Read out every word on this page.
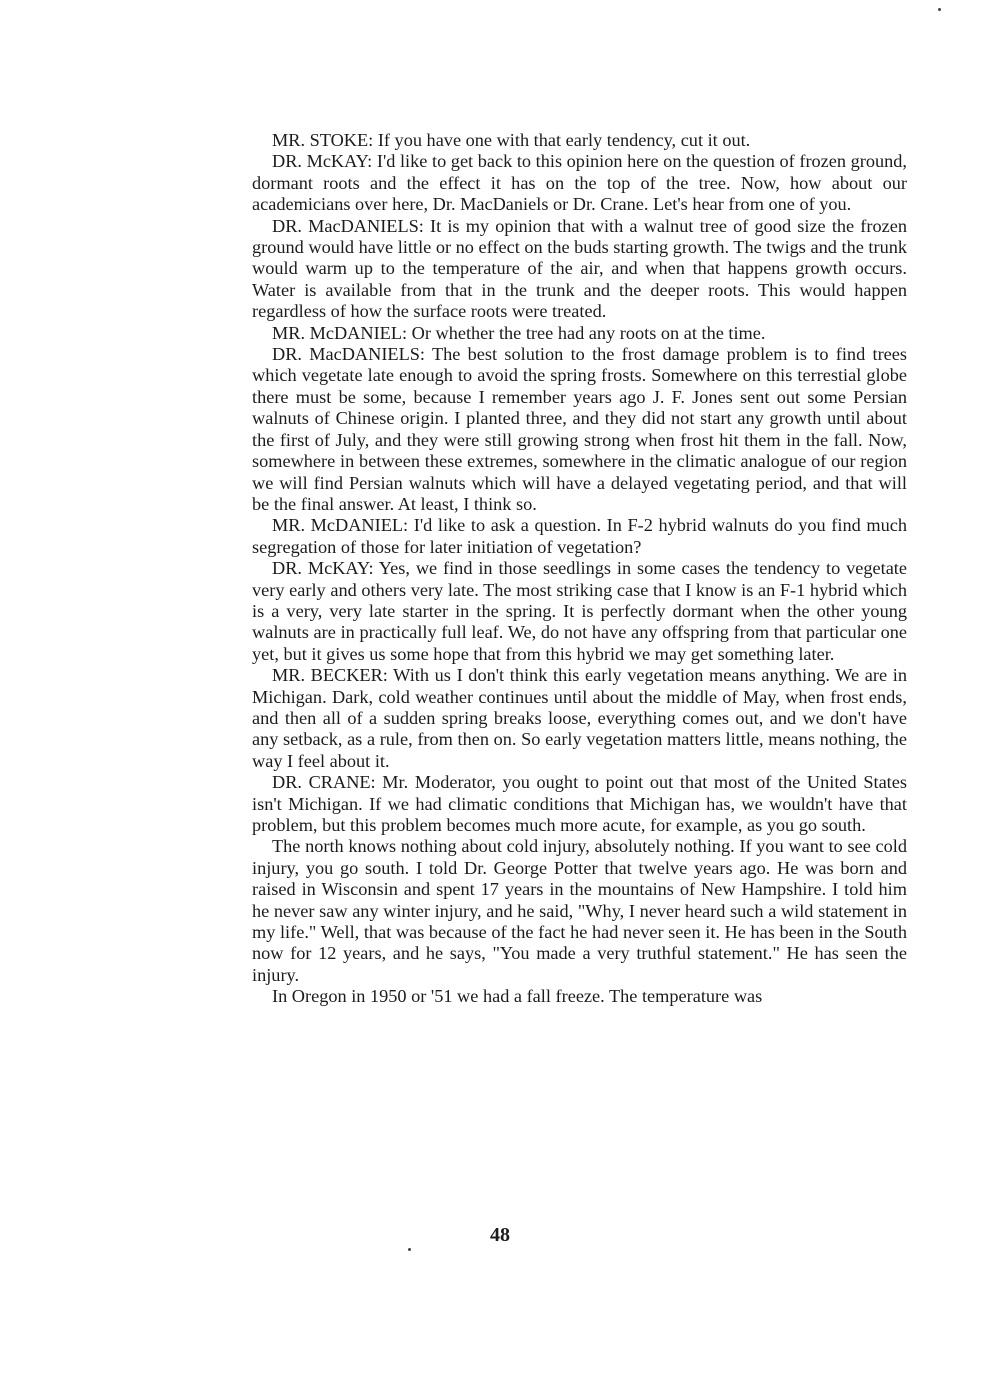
MR. STOKE: If you have one with that early tendency, cut it out.

DR. McKAY: I'd like to get back to this opinion here on the question of frozen ground, dormant roots and the effect it has on the top of the tree. Now, how about our academicians over here, Dr. MacDaniels or Dr. Crane. Let's hear from one of you.

DR. MacDANIELS: It is my opinion that with a walnut tree of good size the frozen ground would have little or no effect on the buds starting growth. The twigs and the trunk would warm up to the temperature of the air, and when that happens growth occurs. Water is available from that in the trunk and the deeper roots. This would happen regardless of how the surface roots were treated.

MR. McDANIEL: Or whether the tree had any roots on at the time.

DR. MacDANIELS: The best solution to the frost damage problem is to find trees which vegetate late enough to avoid the spring frosts. Somewhere on this terrestial globe there must be some, because I remember years ago J. F. Jones sent out some Persian walnuts of Chinese origin. I planted three, and they did not start any growth until about the first of July, and they were still growing strong when frost hit them in the fall. Now, somewhere in between these extremes, somewhere in the climatic analogue of our region we will find Persian walnuts which will have a delayed vegetating period, and that will be the final answer. At least, I think so.

MR. McDANIEL: I'd like to ask a question. In F-2 hybrid walnuts do you find much segregation of those for later initiation of vegetation?

DR. McKAY: Yes, we find in those seedlings in some cases the tendency to vegetate very early and others very late. The most striking case that I know is an F-1 hybrid which is a very, very late starter in the spring. It is perfectly dormant when the other young walnuts are in practically full leaf. We, do not have any offspring from that particular one yet, but it gives us some hope that from this hybrid we may get something later.

MR. BECKER: With us I don't think this early vegetation means anything. We are in Michigan. Dark, cold weather continues until about the middle of May, when frost ends, and then all of a sudden spring breaks loose, everything comes out, and we don't have any setback, as a rule, from then on. So early vegetation matters little, means nothing, the way I feel about it.

DR. CRANE: Mr. Moderator, you ought to point out that most of the United States isn't Michigan. If we had climatic conditions that Michigan has, we wouldn't have that problem, but this problem becomes much more acute, for example, as you go south.

The north knows nothing about cold injury, absolutely nothing. If you want to see cold injury, you go south. I told Dr. George Potter that twelve years ago. He was born and raised in Wisconsin and spent 17 years in the mountains of New Hampshire. I told him he never saw any winter injury, and he said, "Why, I never heard such a wild statement in my life." Well, that was because of the fact he had never seen it. He has been in the South now for 12 years, and he says, "You made a very truthful statement." He has seen the injury.

In Oregon in 1950 or '51 we had a fall freeze. The temperature was

48
